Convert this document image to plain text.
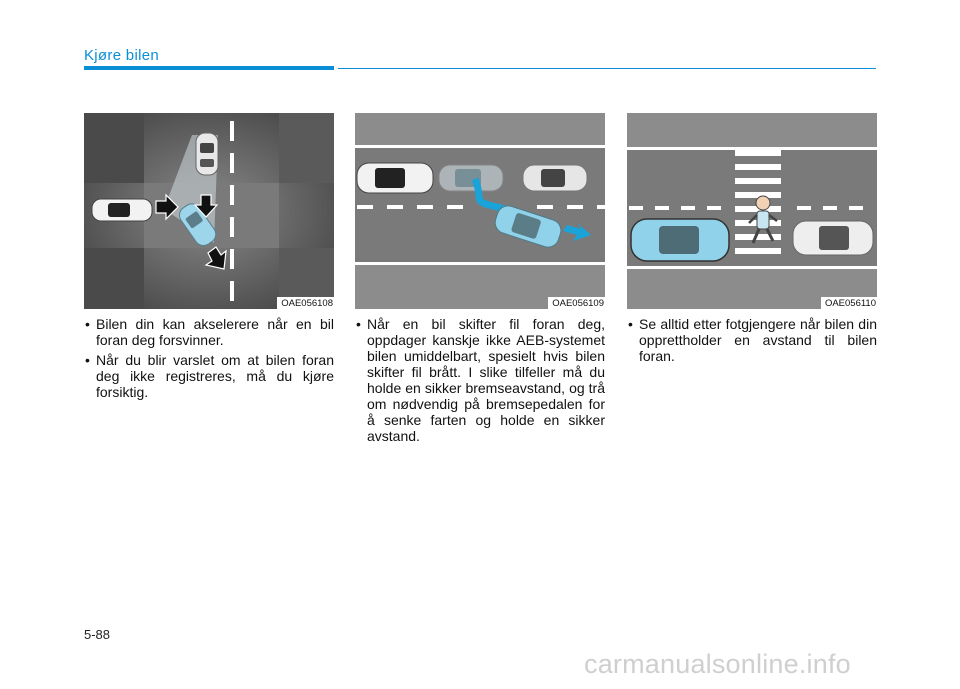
Kjøre bilen
OAE056108	OAE056109	OAE056110
• Bilen din kan akselerere når en bil foran deg forsvinner.
• Når du blir varslet om at bilen foran deg ikke registreres, må du kjøre forsiktig.
• Når en bil skifter fil foran deg, oppdager kanskje ikke AEB-systemet bilen umiddelbart, spesielt hvis bilen skifter fil brått. I slike tilfeller må du holde en sikker bremseavstand, og trå om nødvendig på bremsepedalen for å senke farten og holde en sikker avstand.
• Se alltid etter fotgjengere når bilen din opprettholder en avstand til bilen foran.
5-88
carmanualsonline.info
